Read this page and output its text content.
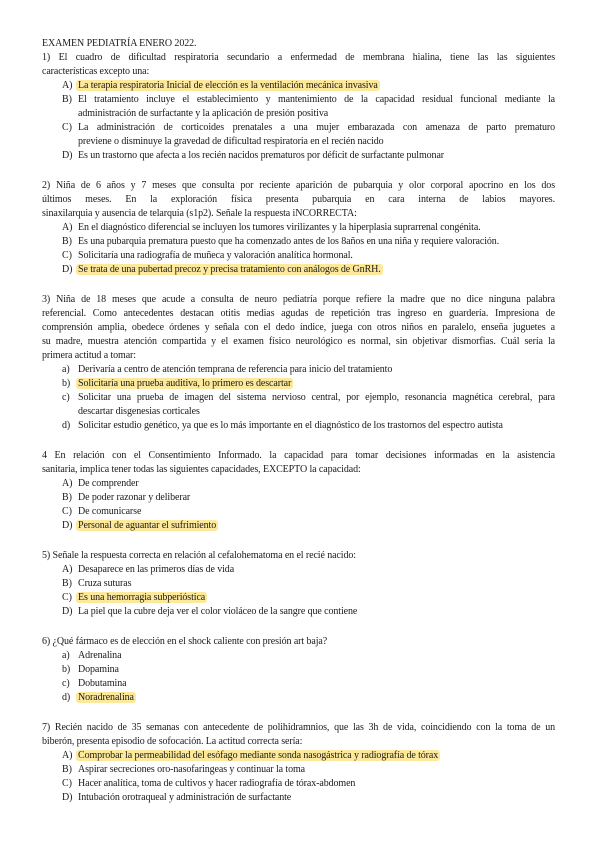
EXAMEN PEDIATRÍA ENERO 2022.
1) El cuadro de dificultad respiratoria secundario a enfermedad de membrana hialina, tiene las las siguientes
características excepto una:
A) La terapia respiratoria Inicial de elección es la ventilación mecánica invasiva
B) El tratamiento incluye el establecimiento y mantenimiento de la capacidad residual funcional mediante la
administración de surfactante y la aplicación de presión positiva
C) La administración de corticoides prenatales a una mujer embarazada con amenaza de parto prematuro
previene o disminuye la gravedad de dificultad respiratoria en el recién nacido
D) Es un trastorno que afecta a los recién nacidos prematuros por déficit de surfactante pulmonar
2) Niña de 6 años y 7 meses que consulta por reciente aparición de pubarquia y olor corporal apocrino en los dos
últimos meses. En la exploración física presenta pubarquia en cara interna de labios mayores.
sinaxilarquia y ausencia de telarquia (s1p2). Señale la respuesta iNCORRECTA:
A) En el diagnóstico diferencial se incluyen los tumores virilizantes y la hiperplasia suprarrenal congénita.
B) Es una pubarquia prematura puesto que ha comenzado antes de los 8años en una niña y requiere valoración.
C) Solicitaría una radiografía de muñeca y valoración analítica hormonal.
D) Se trata de una pubertad precoz y precisa tratamiento con análogos de GnRH.
3) Niña de 18 meses que acude a consulta de neuro pediatría porque refiere la madre que no dice ninguna palabra
referencial. Como antecedentes destacan otitis medias agudas de repetición tras ingreso en guardería. Impresiona de
comprensión amplia, obedece órdenes y señala con el dedo índice, juega con otros niños en paralelo, enseña juguetes a
su madre, muestra atención compartida y el examen físico neurológico es normal, sin objetivar dismorfias. Cuál sería la
primera actitud a tomar:
a) Derivaría a centro de atención temprana de referencia para inicio del tratamiento
b) Solicitaría una prueba auditiva, lo primero es descartar
c) Solicitar una prueba de imagen del sistema nervioso central, por ejemplo, resonancia magnética cerebral, para
descartar disgenesias corticales
d) Solicitar estudio genético, ya que es lo más importante en el diagnóstico de los trastornos del espectro autista
4 En relación con el Consentimiento Informado. la capacidad para tomar decisiones informadas en la asistencia
sanitaria, implica tener todas las siguientes capacidades, EXCEPTO la capacidad:
A) De comprender
B) De poder razonar y deliberar
C) De comunicarse
D) Personal de aguantar el sufrimiento
5) Señale la respuesta correcta en relación al cefalohematoma en el recié nacido:
A) Desaparece en las primeros días de vida
B) Cruza suturas
C) Es una hemorragia subperióstica
D) La piel que la cubre deja ver el color violáceo de la sangre que contiene
6) ¿Qué fármaco es de elección en el shock caliente con presión art baja?
a) Adrenalina
b) Dopamina
c) Dobutamina
d) Noradrenalina
7) Recién nacido de 35 semanas con antecedente de polihidramnios, que las 3h de vida, coincidiendo con la toma de un
biberón, presenta episodio de sofocación. La actitud correcta sería:
A) Comprobar la permeabilidad del esófago mediante sonda nasogástrica y radiografía de tórax
B) Aspirar secreciones oro-nasofaringeas y continuar la toma
C) Hacer analítica, toma de cultivos y hacer radiografía de tórax-abdomen
D) Intubación orotraqueal y administración de surfactante
